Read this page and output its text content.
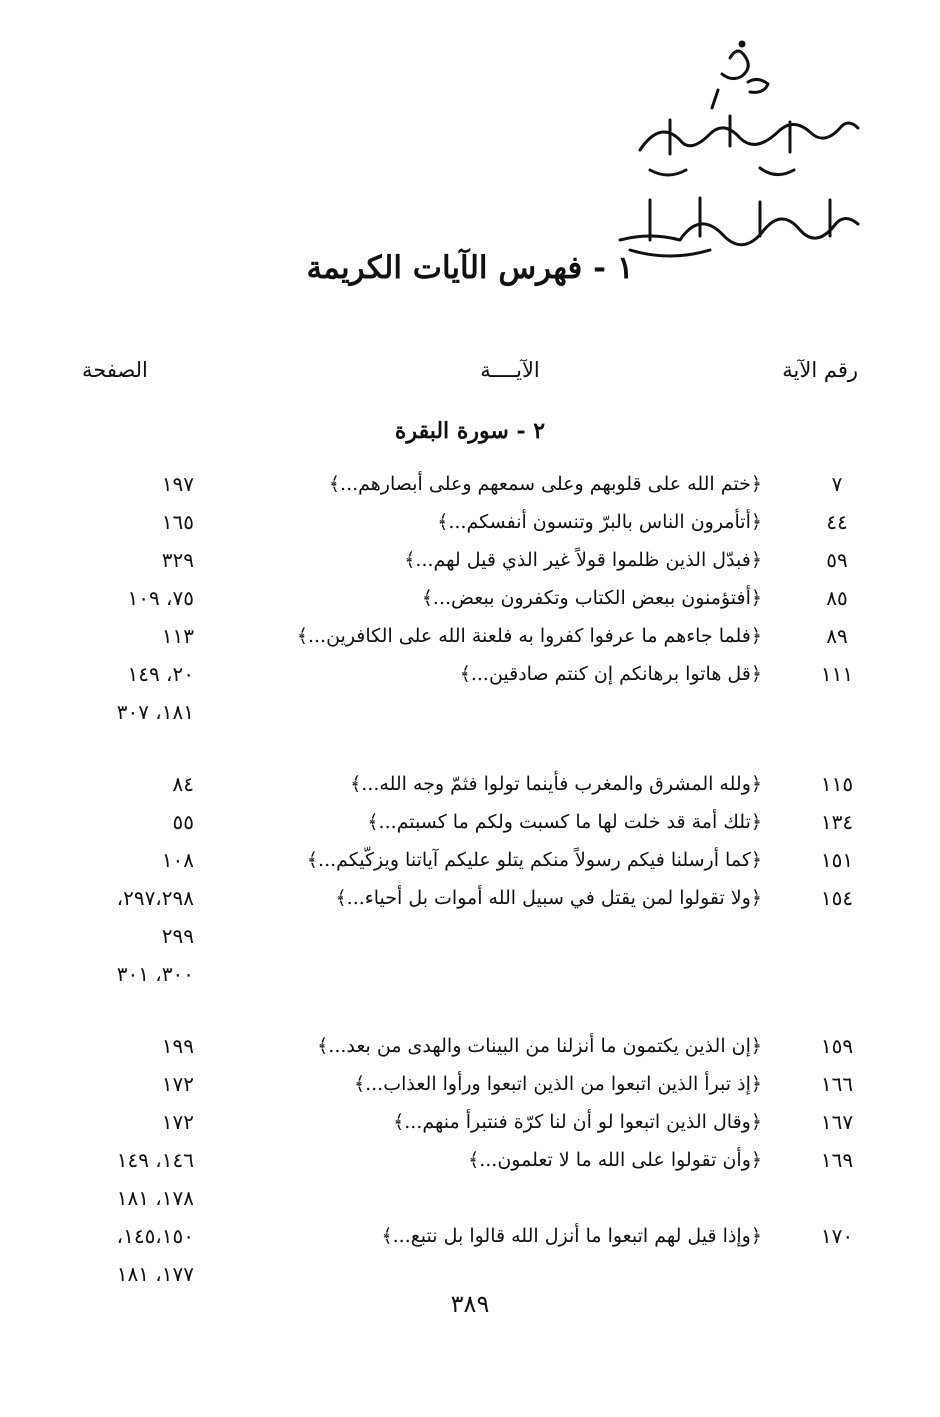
١ - فهرس الآيات الكريمة
رقم الآية
الآيــــة
الصفحة
٢ - سورة البقرة
٧
﴿ختم الله على قلوبهم وعلى سمعهم وعلى أبصارهم...﴾
١٩٧
٤٤
﴿أتأمرون الناس بالبرّ وتنسون أنفسكم...﴾
١٦٥
٥٩
﴿فبدّل الذين ظلموا قولاً غير الذي قيل لهم...﴾
٣٢٩
٨٥
﴿أفتؤمنون ببعض الكتاب وتكفرون ببعض...﴾
٧٥، ١٠٩
٨٩
﴿فلما جاءهم ما عرفوا كفروا به فلعنة الله على الكافرين...﴾
١١٣
١١١
﴿قل هاتوا برهانكم إن كنتم صادقين...﴾
٢٠، ١٤٩
١٨١، ٣٠٧
١١٥
﴿ولله المشرق والمغرب فأينما تولوا فثمّ وجه الله...﴾
٨٤
١٣٤
﴿تلك أمة قد خلت لها ما كسبت ولكم ما كسبتم...﴾
٥٥
١٥١
﴿كما أرسلنا فيكم رسولاً منكم يتلو عليكم آياتنا ويزكّيكم...﴾
١٠٨
١٥٤
﴿ولا تقولوا لمن يقتل في سبيل الله أموات بل أحياء...﴾
٢٩٧،٢٩٨،
٢٩٩
٣٠٠، ٣٠١
١٥٩
﴿إن الذين يكتمون ما أنزلنا من البينات والهدى من بعد...﴾
١٩٩
١٦٦
﴿إذ تبرأ الذين اتبعوا من الذين اتبعوا ورأوا العذاب...﴾
١٧٢
١٦٧
﴿وقال الذين اتبعوا لو أن لنا كرّة فنتبرأ منهم...﴾
١٧٢
١٦٩
﴿وأن تقولوا على الله ما لا تعلمون...﴾
١٤٦، ١٤٩
١٧٨، ١٨١
١٧٠
﴿وإذا قيل لهم اتبعوا ما أنزل الله قالوا بل نتبع...﴾
١٤٥،١٥٠،
١٧٧، ١٨١
٣٨٩
